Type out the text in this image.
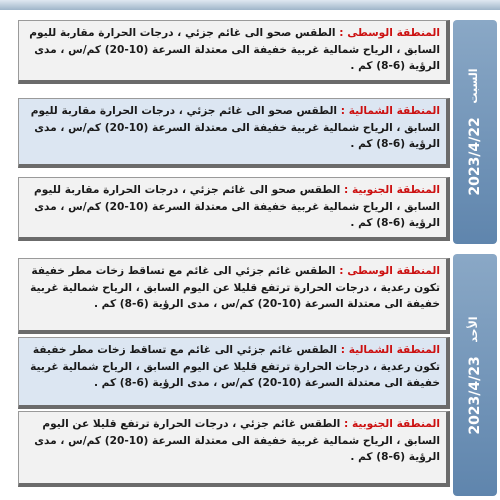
2023/4/22
السبت
المنطقة الوسطى : الطقس صحو الى غائم جزئي ، درجات الحرارة مقاربة لليوم السابق ، الرياح شمالية غربية خفيفة الى معتدلة السرعة (10-20) كم/س ، مدى الرؤية (6-8) كم .
المنطقة الشمالية : الطقس صحو الى غائم جزئي ، درجات الحرارة مقاربة لليوم السابق ، الرياح شمالية غربية خفيفة الى معتدلة السرعة (10-20) كم/س ، مدى الرؤية (6-8) كم .
المنطقة الجنوبية : الطقس صحو الى غائم جزئي ، درجات الحرارة مقاربة لليوم السابق ، الرياح شمالية غربية خفيفة الى معتدلة السرعة (10-20) كم/س ، مدى الرؤية (6-8) كم .
2023/4/23
الأحد
المنطقة الوسطى : الطقس غائم جزئي الى غائم مع تساقط زخات مطر خفيفة تكون رعدية ، درجات الحرارة ترتفع قليلا عن اليوم السابق ، الرياح شمالية غربية خفيفة الى معتدلة السرعة (10-20) كم/س ، مدى الرؤية (6-8) كم .
المنطقة الشمالية : الطقس غائم جزئي الى غائم مع تساقط زخات مطر خفيفة تكون رعدية ، درجات الحرارة ترتفع قليلا عن اليوم السابق ، الرياح شمالية غربية خفيفة الى معتدلة السرعة (10-20) كم/س ، مدى الرؤية (6-8) كم .
المنطقة الجنوبية : الطقس غائم جزئي ، درجات الحرارة ترتفع قليلا عن اليوم السابق ، الرياح شمالية غربية خفيفة الى معتدلة السرعة (10-20) كم/س ، مدى الرؤية (6-8) كم .
